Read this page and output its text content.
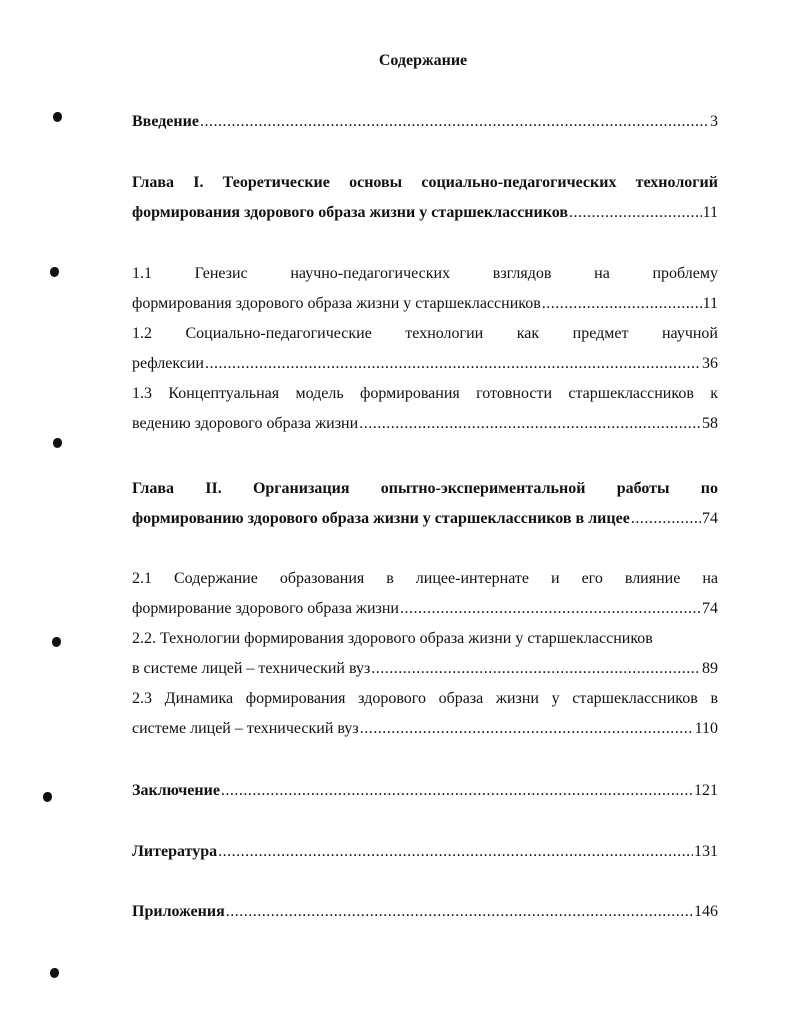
Содержание
Введение .....	3
Глава I. Теоретические основы социально-педагогических технологий
формирования здорового образа жизни у старшеклассников .....	11
1.1 Генезис научно-педагогических взглядов на проблему
формирования здорового образа жизни у старшеклассников .....	11
1.2 Социально-педагогические технологии как предмет научной
рефлексии .....	36
1.3 Концептуальная модель формирования готовности старшеклассников к
ведению здорового образа жизни .....	58
Глава II. Организация опытно-экспериментальной работы по
формированию здорового образа жизни у старшеклассников в лицее .....	74
2.1 Содержание образования в лицее-интернате и его влияние на
формирование здорового образа жизни .....	74
2.2. Технологии формирования здорового образа жизни у старшеклассников
в системе лицей – технический вуз .....	89
2.3 Динамика формирования здорового образа жизни у старшеклассников в
системе лицей – технический вуз .....	110
Заключение .....	121
Литература .....	131
Приложения .....	146
